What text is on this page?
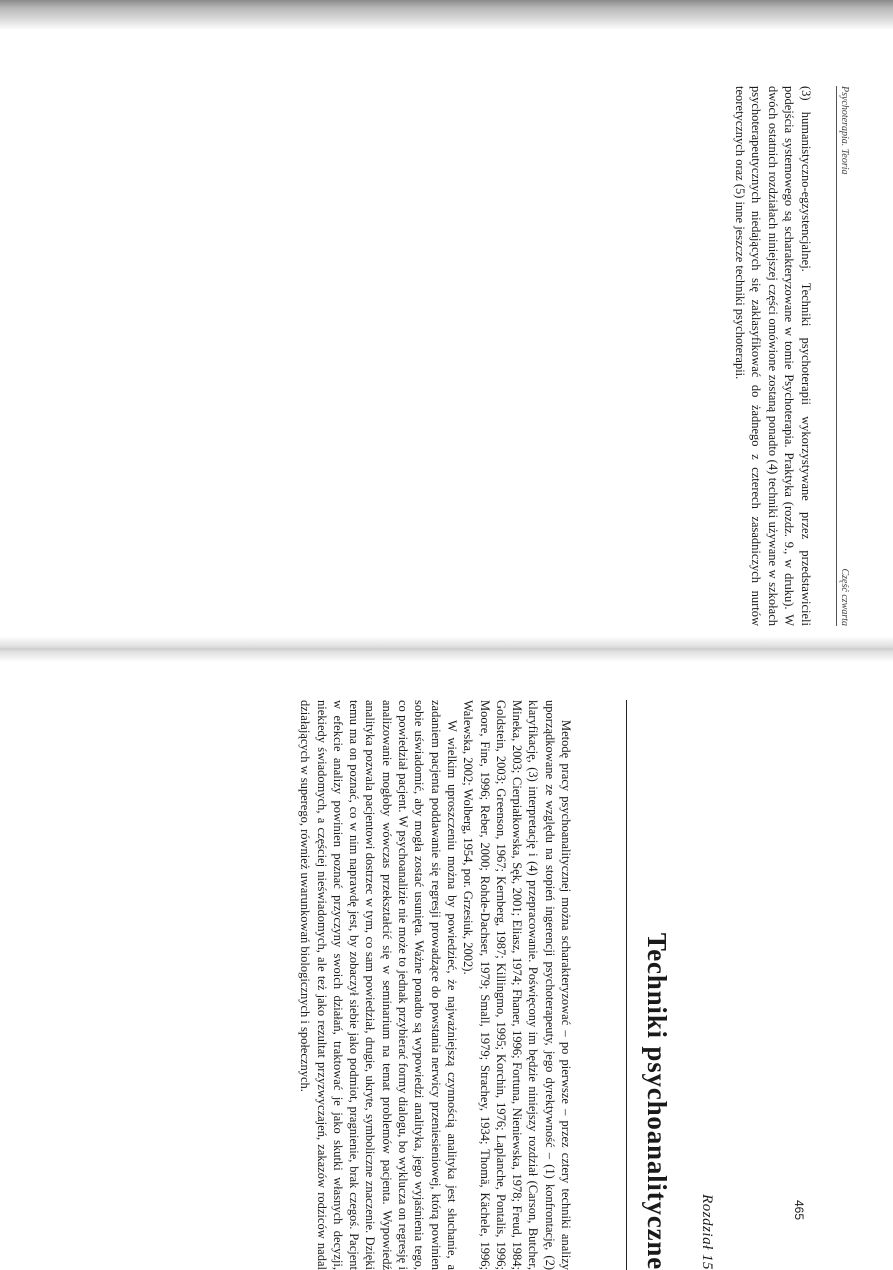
Psychoterapia. Teoria
Część czwarta
(3) humanistyczno-egzystencjalnej. Techniki psychoterapii wykorzystywane przez przedstawicieli podejścia systemowego są scharakteryzowane w tomie Psychoterapia. Praktyka (rozdz. 9., w druku). W dwóch ostatnich rozdziałach niniejszej części omówione zostaną ponadto (4) techniki używane w szkołach psychoterapeutycznych niedających się zaklasyfikować do żadnego z czterech zasadniczych nurtów teoretycznych oraz (5) inne jeszcze techniki psychoterapii.
Rozdział 15
Techniki psychoanalityczne

Metodę pracy psychoanalitycznej można scharakteryzować – po pierwsze – przez cztery techniki analizy uporządkowane ze względu na stopień ingerencji psychoterapeuty, jego dyrektywność – (1) konfrontację, (2) klaryfikację, (3) interpretację i (4) przepracowanie. Poświęcony im będzie niniejszy rozdział (Carson, Butcher, Mineka, 2003; Cierpiałkowska, Sęk, 2001; Eliasz, 1974; Fhaner, 1996; Fortuna, Nieniewska, 1978; Freud, 1984; Goldstein, 2003; Greenson, 1967; Kernberg, 1987; Killingmo, 1995; Korchin, 1976; Laplanche, Pontalis, 1996; Moore, Fine, 1996; Reber, 2000; Rohde-Dachser, 1979; Small, 1979; Strachey, 1934; Thomä, Kächele, 1996; Walewska, 2002; Wolberg, 1954, por. Grzesiuk, 2002).

W wielkim uproszczeniu można by powiedzieć, że najważniejszą czynnością analityka jest słuchanie, a zadaniem pacjenta poddawanie się regresji prowadzące do powstania nerwicy przeniesieniowej, którą powinien sobie uświadomić, aby mogła zostać usunięta. Ważne ponadto są wypowiedzi analityka, jego wyjaśnienia tego, co powiedział pacjent. W psychoanalizie nie może to jednak przybierać formy dialogu, bo wyklucza on regresję i analizowanie mogłoby wówczas przekształcić się w seminarium na temat problemów pacjenta. Wypowiedź analityka pozwala pacjentowi dostrzec w tym, co sam powiedział, drugie, ukryte, symboliczne znaczenie. Dzięki temu ma on poznać, co w nim naprawdę jest, by zobaczył siebie jako podmiot, pragnienie, brak czegoś. Pacjent w efekcie analizy powinien poznać przyczyny swoich działań, traktować je jako skutki własnych decyzji, niekiedy świadomych, a częściej nieświadomych, ale też jako rezultat przyzwyczajeń, zakazów rodziców nadal działających w superego, również uwarunkowań biologicznych i społecznych.

465
